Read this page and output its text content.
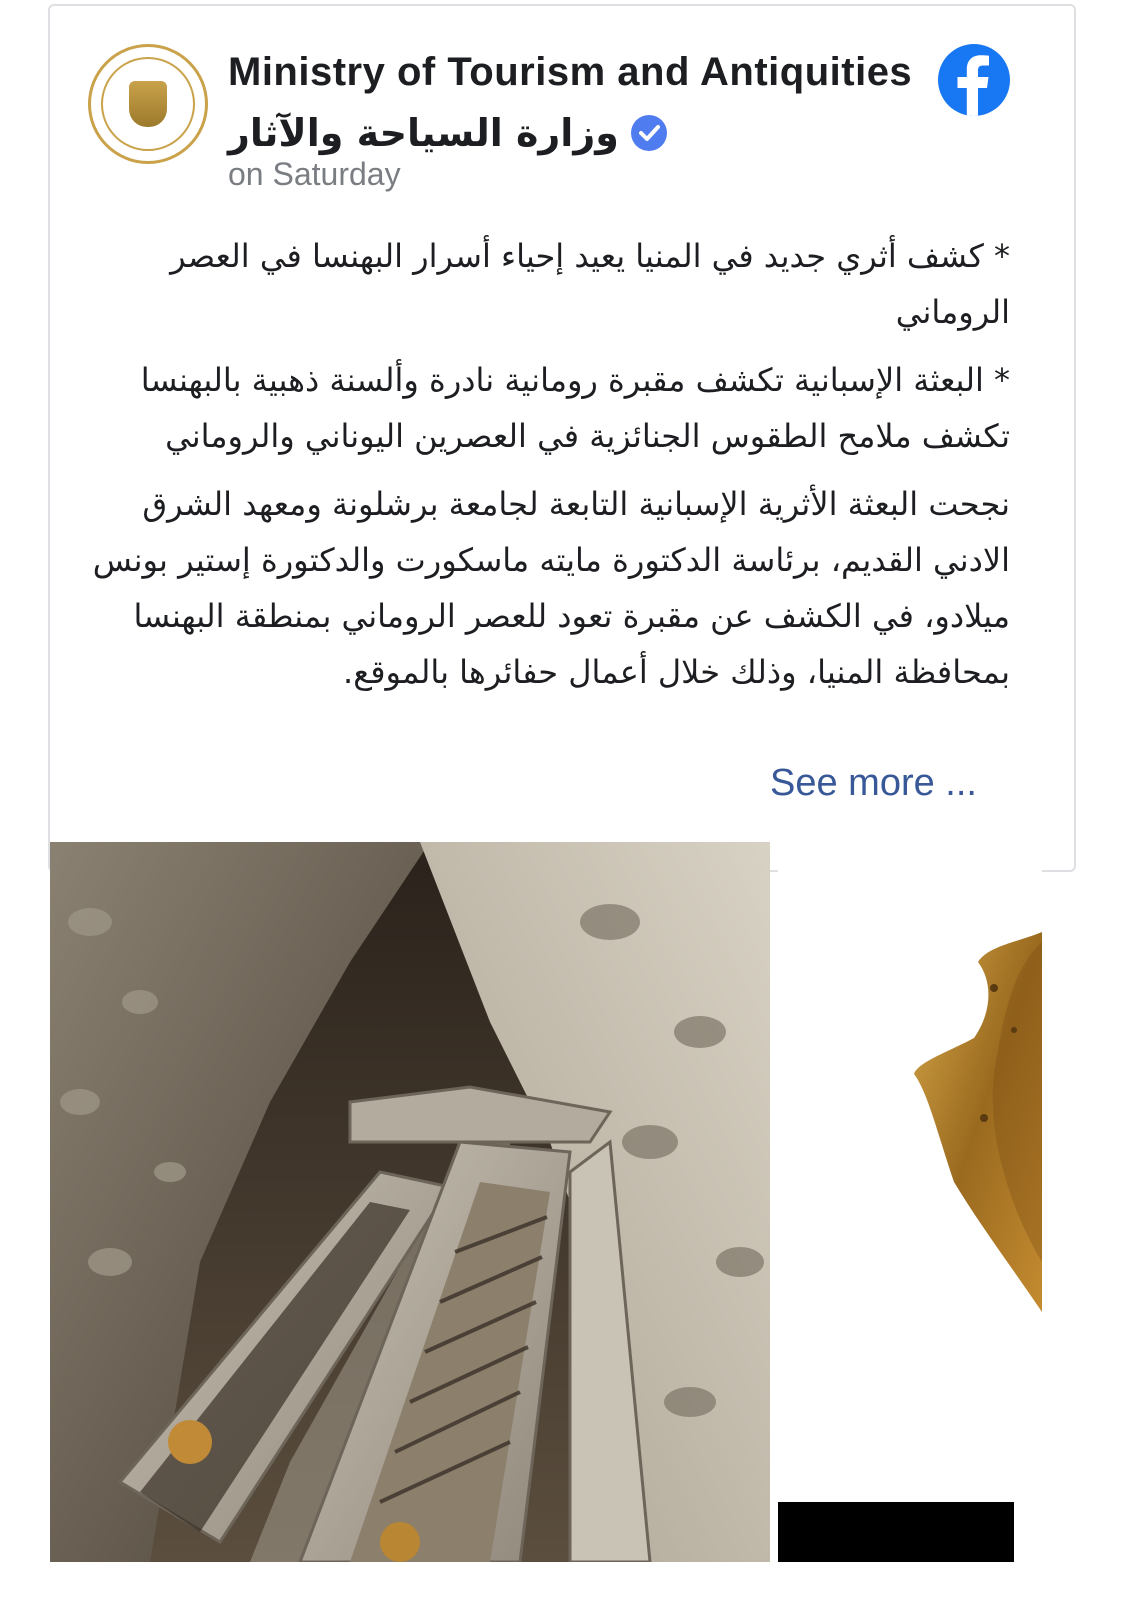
Ministry of Tourism and Antiquities
وزارة السياحة والآثار
on Saturday

* كشف أثري جديد في المنيا يعيد إحياء أسرار البهنسا في العصر الروماني

* البعثة الإسبانية تكشف مقبرة رومانية نادرة وألسنة ذهبية بالبهنسا تكشف ملامح الطقوس الجنائزية في العصرين اليوناني والروماني

نجحت البعثة الأثرية الإسبانية التابعة لجامعة برشلونة ومعهد الشرق الادني القديم، برئاسة الدكتورة مايته ماسكورت والدكتورة إستير بونس ميلادو، في الكشف عن مقبرة تعود للعصر الروماني بمنطقة البهنسا بمحافظة المنيا، وذلك خلال أعمال حفائرها بالموقع.

See more ...
